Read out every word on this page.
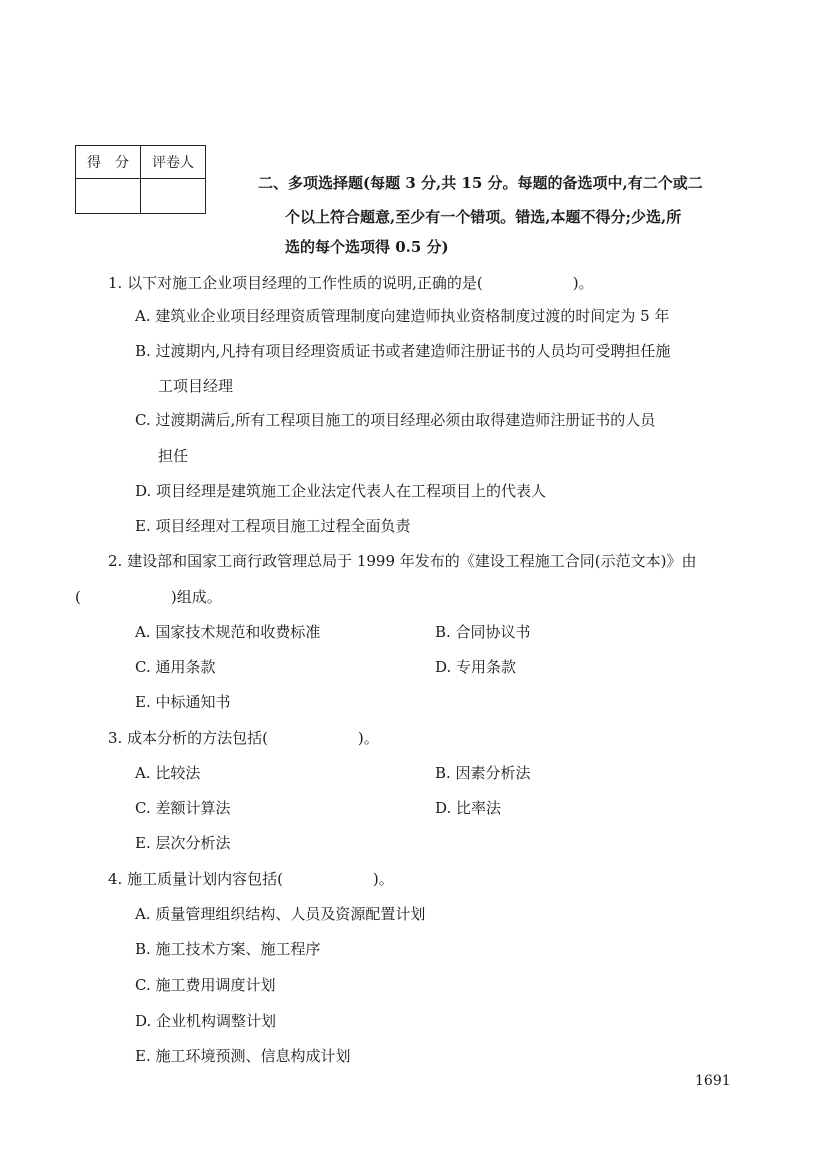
得　分	评卷人

二、多项选择题(每题 3 分,共 15 分。每题的备选项中,有二个或二
个以上符合题意,至少有一个错项。错选,本题不得分;少选,所
选的每个选项得 0.5 分)
1. 以下对施工企业项目经理的工作性质的说明,正确的是(　　　　　　)。
A. 建筑业企业项目经理资质管理制度向建造师执业资格制度过渡的时间定为 5 年
B. 过渡期内,凡持有项目经理资质证书或者建造师注册证书的人员均可受聘担任施
工项目经理
C. 过渡期满后,所有工程项目施工的项目经理必须由取得建造师注册证书的人员
担任
D. 项目经理是建筑施工企业法定代表人在工程项目上的代表人
E. 项目经理对工程项目施工过程全面负责
2. 建设部和国家工商行政管理总局于 1999 年发布的《建设工程施工合同(示范文本)》由
(　　　　　　)组成。
A. 国家技术规范和收费标准	B. 合同协议书
C. 通用条款	D. 专用条款
E. 中标通知书
3. 成本分析的方法包括(　　　　　　)。
A. 比较法	B. 因素分析法
C. 差额计算法	D. 比率法
E. 层次分析法
4. 施工质量计划内容包括(　　　　　　)。
A. 质量管理组织结构、人员及资源配置计划
B. 施工技术方案、施工程序
C. 施工费用调度计划
D. 企业机构调整计划
E. 施工环境预测、信息构成计划
1691
